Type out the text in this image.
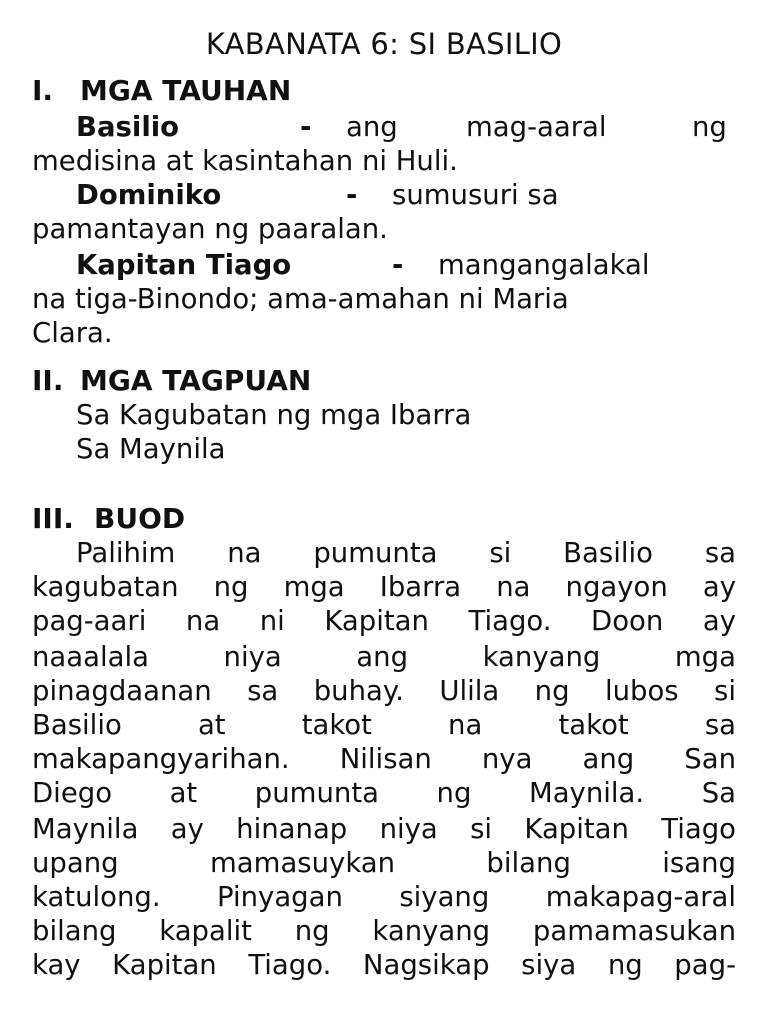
KABANATA 6: SI BASILIO
I. MGA TAUHAN
Basilio	- ang mag-aaral	ng
medisina at kasintahan ni Huli.
Dominiko	- sumusuri sa
pamantayan ng paaralan.
Kapitan Tiago	- mangangalakal
na tiga-Binondo; ama-amahan ni Maria
Clara.
II. MGA TAGPUAN
Sa Kagubatan ng mga Ibarra
Sa Maynila
III. BUOD
Palihim na pumunta si Basilio sa
kagubatan ng mga Ibarra na ngayon ay
pag-aari na ni Kapitan Tiago. Doon ay
naaalala niya ang kanyang mga
pinagdaanan sa buhay. Ulila ng lubos si
Basilio at takot na takot sa
makapangyarihan. Nilisan nya ang San
Diego at pumunta ng Maynila. Sa
Maynila ay hinanap niya si Kapitan Tiago
upang mamasuykan bilang isang
katulong. Pinyagan siyang makapag-aral
bilang kapalit ng kanyang pamamasukan
kay Kapitan Tiago. Nagsikap siya ng pag-
